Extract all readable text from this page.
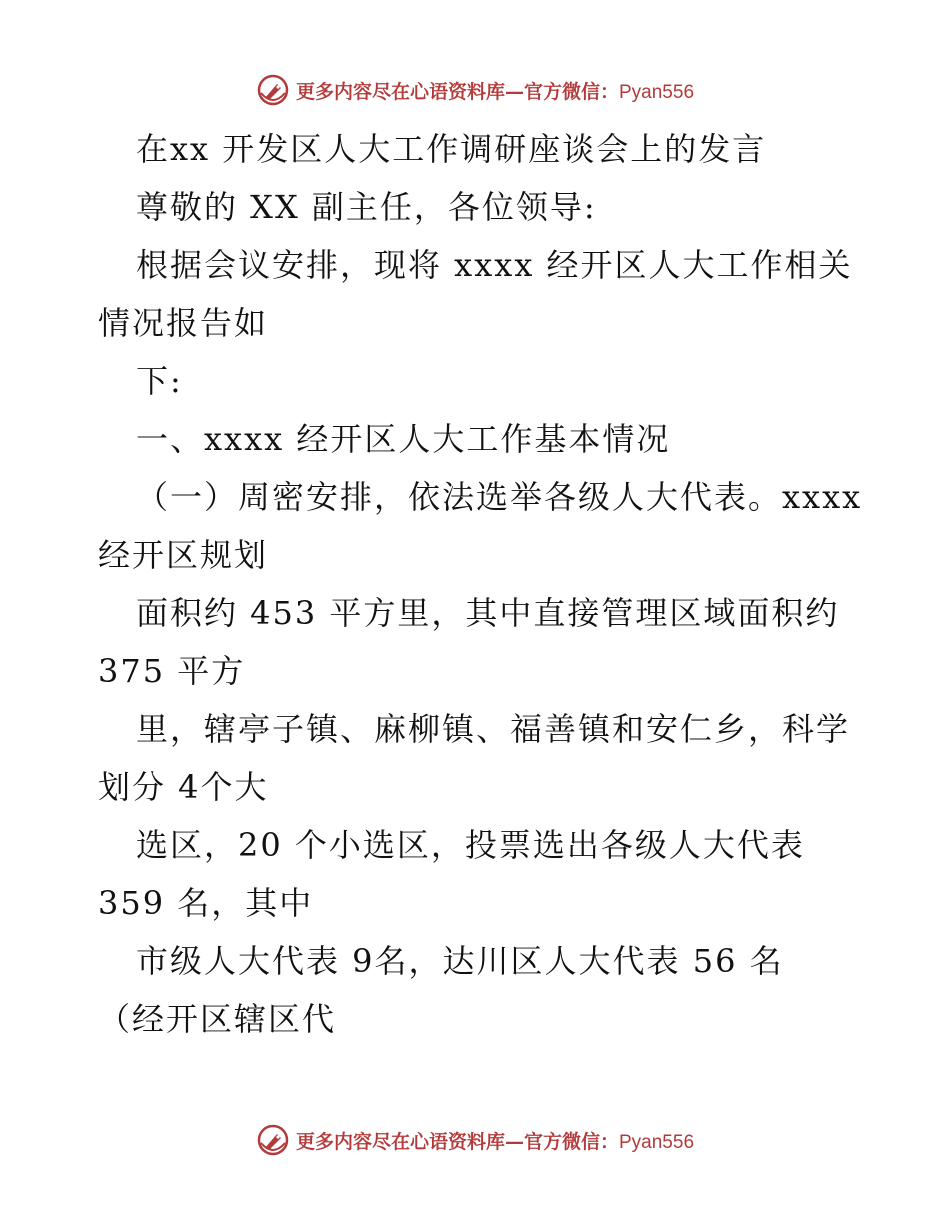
更多内容尽在心语资料库—官方微信：Pyan556
在xx 开发区人大工作调研座谈会上的发言
尊敬的 XX 副主任，各位领导:
根据会议安排，现将 xxxx 经开区人大工作相关
情况报告如
下:
一、xxxx 经开区人大工作基本情况
（一）周密安排，依法选举各级人大代表。xxxx
经开区规划
面积约 453 平方里，其中直接管理区域面积约
375 平方
里，辖亭子镇、麻柳镇、福善镇和安仁乡，科学
划分 4个大
选区，20 个小选区，投票选出各级人大代表
359 名，其中
市级人大代表 9名，达川区人大代表 56 名
（经开区辖区代
更多内容尽在心语资料库—官方微信：Pyan556
